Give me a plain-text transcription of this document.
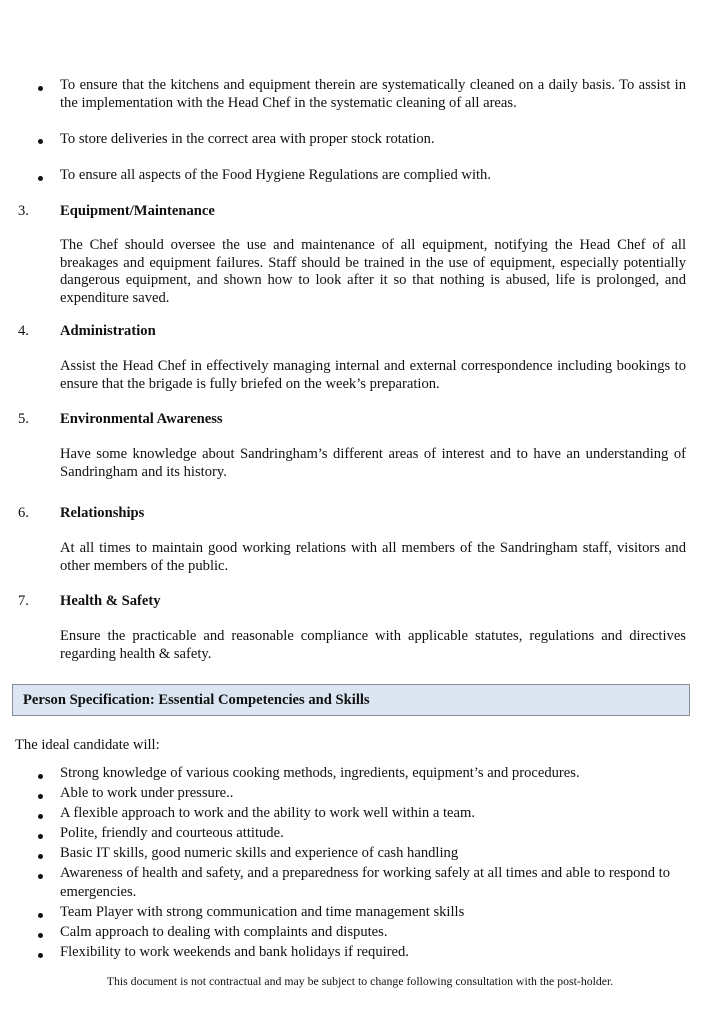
To ensure that the kitchens and equipment therein are systematically cleaned on a daily basis. To assist in the implementation with the Head Chef in the systematic cleaning of all areas.
To store deliveries in the correct area with proper stock rotation.
To ensure all aspects of the Food Hygiene Regulations are complied with.
3. Equipment/Maintenance
The Chef should oversee the use and maintenance of all equipment, notifying the Head Chef of all breakages and equipment failures. Staff should be trained in the use of equipment, especially potentially dangerous equipment, and shown how to look after it so that nothing is abused, life is prolonged, and expenditure saved.
4. Administration
Assist the Head Chef in effectively managing internal and external correspondence including bookings to ensure that the brigade is fully briefed on the week’s preparation.
5. Environmental Awareness
Have some knowledge about Sandringham’s different areas of interest and to have an understanding of Sandringham and its history.
6. Relationships
At all times to maintain good working relations with all members of the Sandringham staff, visitors and other members of the public.
7. Health & Safety
Ensure the practicable and reasonable compliance with applicable statutes, regulations and directives regarding health & safety.
Person Specification: Essential Competencies and Skills
The ideal candidate will:
Strong knowledge of various cooking methods, ingredients, equipment’s and procedures.
Able to work under pressure..
A flexible approach to work and the ability to work well within a team.
Polite, friendly and courteous attitude.
Basic IT skills, good numeric skills and experience of cash handling
Awareness of health and safety, and a preparedness for working safely at all times and able to respond to emergencies.
Team Player with strong communication and time management skills
Calm approach to dealing with complaints and disputes.
Flexibility to work weekends and bank holidays if required.
This document is not contractual and may be subject to change following consultation with the post-holder.
